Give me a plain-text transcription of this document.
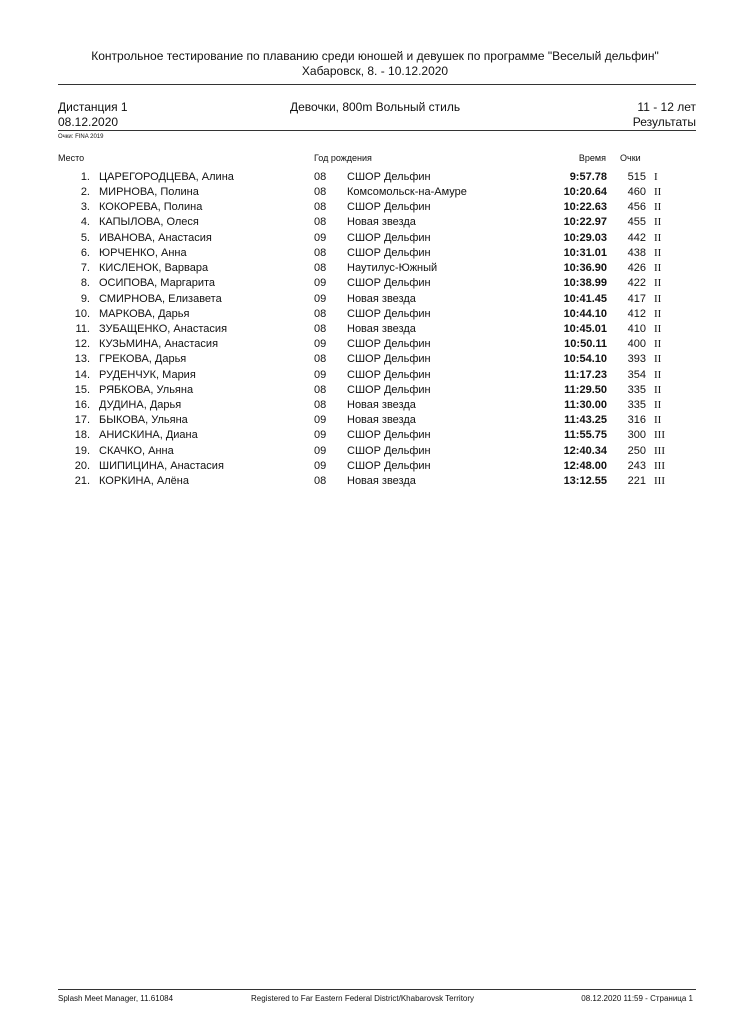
Контрольное тестирование по плаванию среди юношей и девушек по программе "Веселый дельфин"
Хабаровск, 8. - 10.12.2020
Дистанция 1
08.12.2020
Девочки, 800m Вольный стиль	11 - 12 лет
Результаты
Очки: FINA 2019
Место	Год рождения	Время Очки
1. ЦАРЕГОРОДЦЕВА, Алина	08 СШОР Дельфин	9:57.78 515 I
2. МИРНОВА, Полина	08 Комсомольск-на-Амуре	10:20.64 460 II
3. КОКОРЕВА, Полина	08 СШОР Дельфин	10:22.63 456 II
4. КАПЫЛОВА, Олеся	08 Новая звезда	10:22.97 455 II
5. ИВАНОВА, Анастасия	09 СШОР Дельфин	10:29.03 442 II
6. ЮРЧЕНКО, Анна	08 СШОР Дельфин	10:31.01 438 II
7. КИСЛЕНОК, Варвара	08 Наутилус-Южный	10:36.90 426 II
8. ОСИПОВА, Маргарита	09 СШОР Дельфин	10:38.99 422 II
9. СМИРНОВА, Елизавета	09 Новая звезда	10:41.45 417 II
10. МАРКОВА, Дарья	08 СШОР Дельфин	10:44.10 412 II
11. ЗУБАЩЕНКО, Анастасия	08 Новая звезда	10:45.01 410 II
12. КУЗЬМИНА, Анастасия	09 СШОР Дельфин	10:50.11 400 II
13. ГРЕКОВА, Дарья	08 СШОР Дельфин	10:54.10 393 II
14. РУДЕНЧУК, Мария	09 СШОР Дельфин	11:17.23 354 II
15. РЯБКОВА, Ульяна	08 СШОР Дельфин	11:29.50 335 II
16. ДУДИНА, Дарья	08 Новая звезда	11:30.00 335 II
17. БЫКОВА, Ульяна	09 Новая звезда	11:43.25 316 II
18. АНИСКИНА, Диана	09 СШОР Дельфин	11:55.75 300 III
19. СКАЧКО, Анна	09 СШОР Дельфин	12:40.34 250 III
20. ШИПИЦИНА, Анастасия	09 СШОР Дельфин	12:48.00 243 III
21. КОРКИНА, Алёна	08 Новая звезда	13:12.55 221 III
Splash Meet Manager, 11.61084	Registered to Far Eastern Federal District/Khabarovsk Territory	08.12.2020 11:59 - Страница 1
